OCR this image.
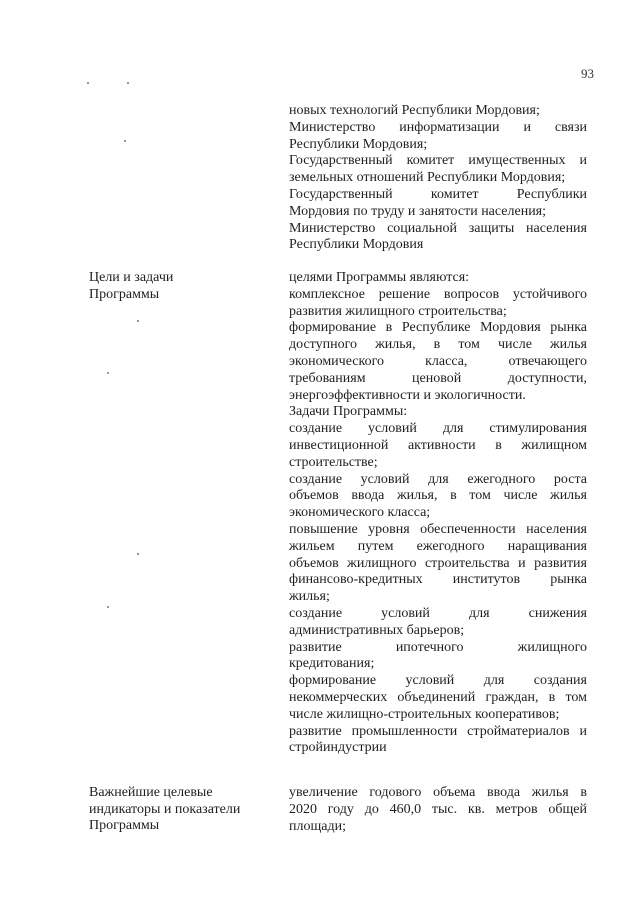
93
новых технологий Республики Мордовия;
Министерство информатизации и связи
Республики Мордовия;
Государственный комитет имущественных и
земельных отношений Республики Мордовия;
Государственный комитет Республики
Мордовия по труду и занятости населения;
Министерство социальной защиты населения
Республики Мордовия
Цели и задачи
Программы
целями Программы являются:
комплексное решение вопросов устойчивого
развития жилищного строительства;
формирование в Республике Мордовия рынка
доступного жилья, в том числе жилья
экономического класса, отвечающего
требованиям ценовой доступности,
энергоэффективности и экологичности.
Задачи Программы:
создание условий для стимулирования
инвестиционной активности в жилищном
строительстве;
создание условий для ежегодного роста
объемов ввода жилья, в том числе жилья
экономического класса;
повышение уровня обеспеченности населения
жильем путем ежегодного наращивания
объемов жилищного строительства и развития
финансово-кредитных институтов рынка
жилья;
создание условий для снижения
административных барьеров;
развитие ипотечного жилищного
кредитования;
формирование условий для создания
некоммерческих объединений граждан, в том
числе жилищно-строительных кооперативов;
развитие промышленности стройматериалов и
стройиндустрии
Важнейшие целевые
индикаторы и показатели
Программы
увеличение годового объема ввода жилья в
2020 году до 460,0 тыс. кв. метров общей
площади;
